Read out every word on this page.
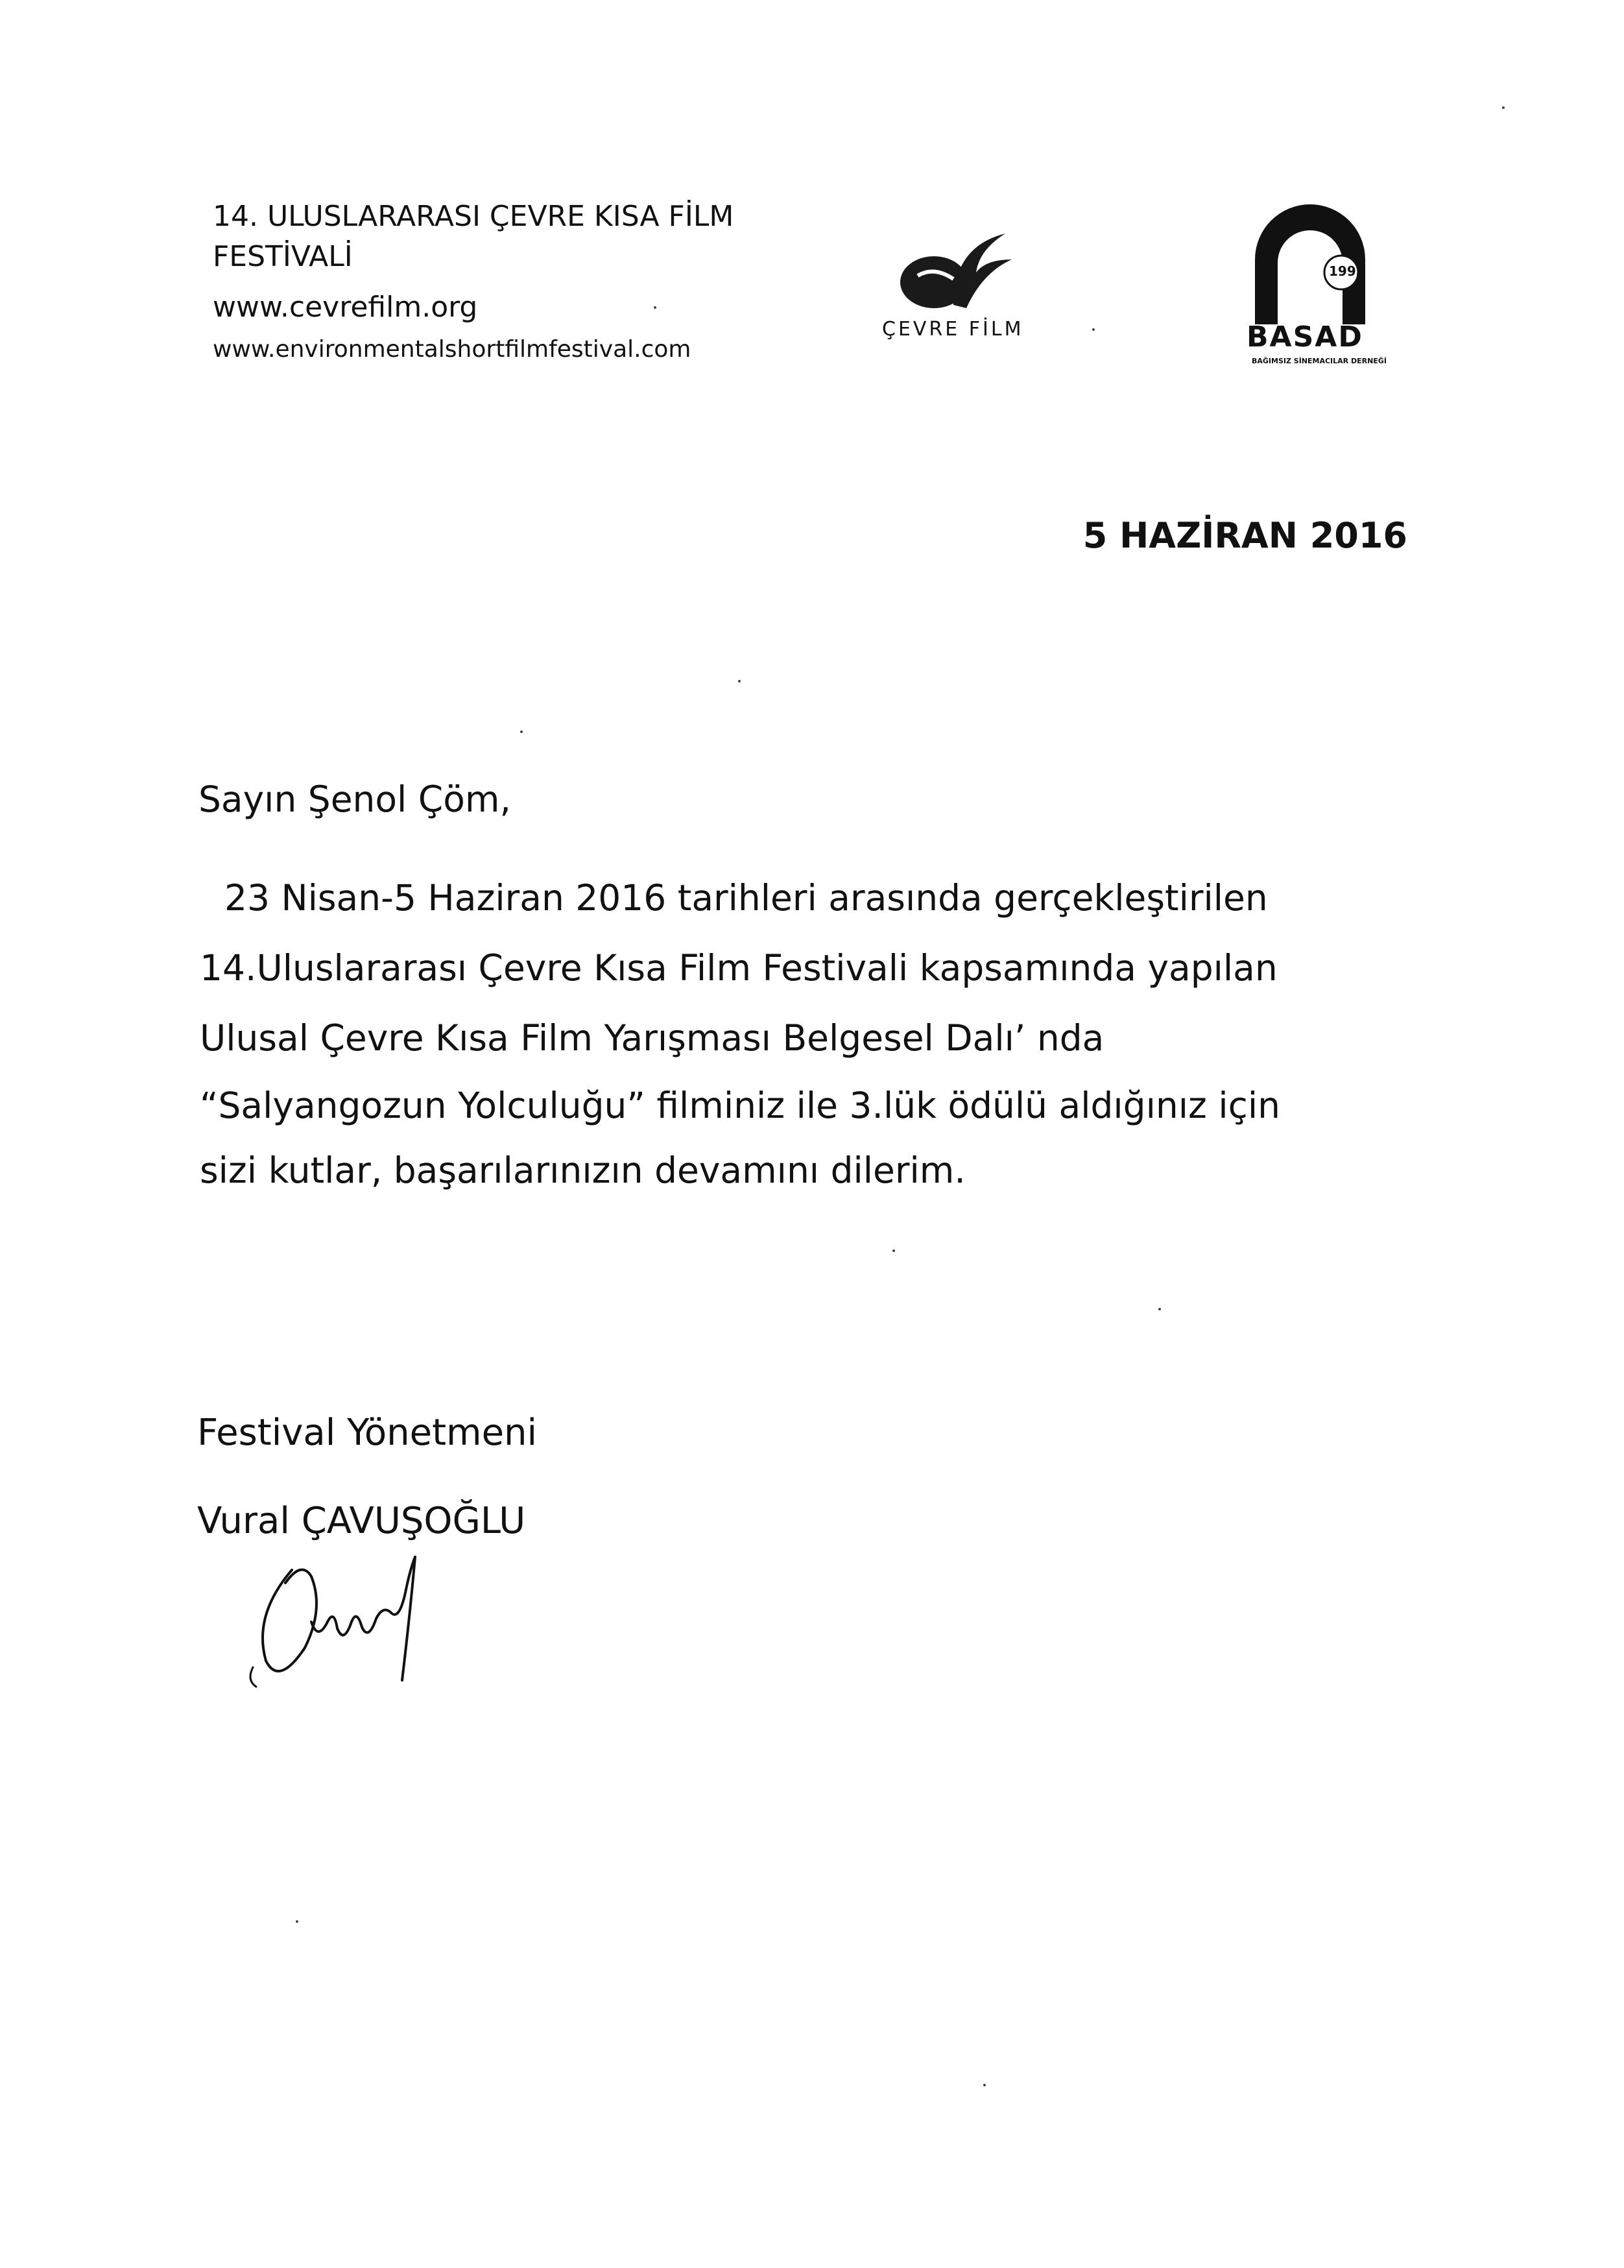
14. ULUSLARARASI ÇEVRE KISA FİLM

FESTİVALİ

www.cevrefilm.org

www.environmentalshortfilmfestival.com

ÇEVRE FİLM

1993

BASAD

BAĞIMSIZ SİNEMACILAR DERNEĞİ

5 HAZİRAN 2016

Sayın Şenol Çöm,

23 Nisan-5 Haziran 2016 tarihleri arasında gerçekleştirilen

14.Uluslararası Çevre Kısa Film Festivali kapsamında yapılan

Ulusal Çevre Kısa Film Yarışması Belgesel Dalı’ nda

“Salyangozun Yolculuğu” filminiz ile 3.lük ödülü aldığınız için

sizi kutlar, başarılarınızın devamını dilerim.

Festival Yönetmeni

Vural ÇAVUŞOĞLU
